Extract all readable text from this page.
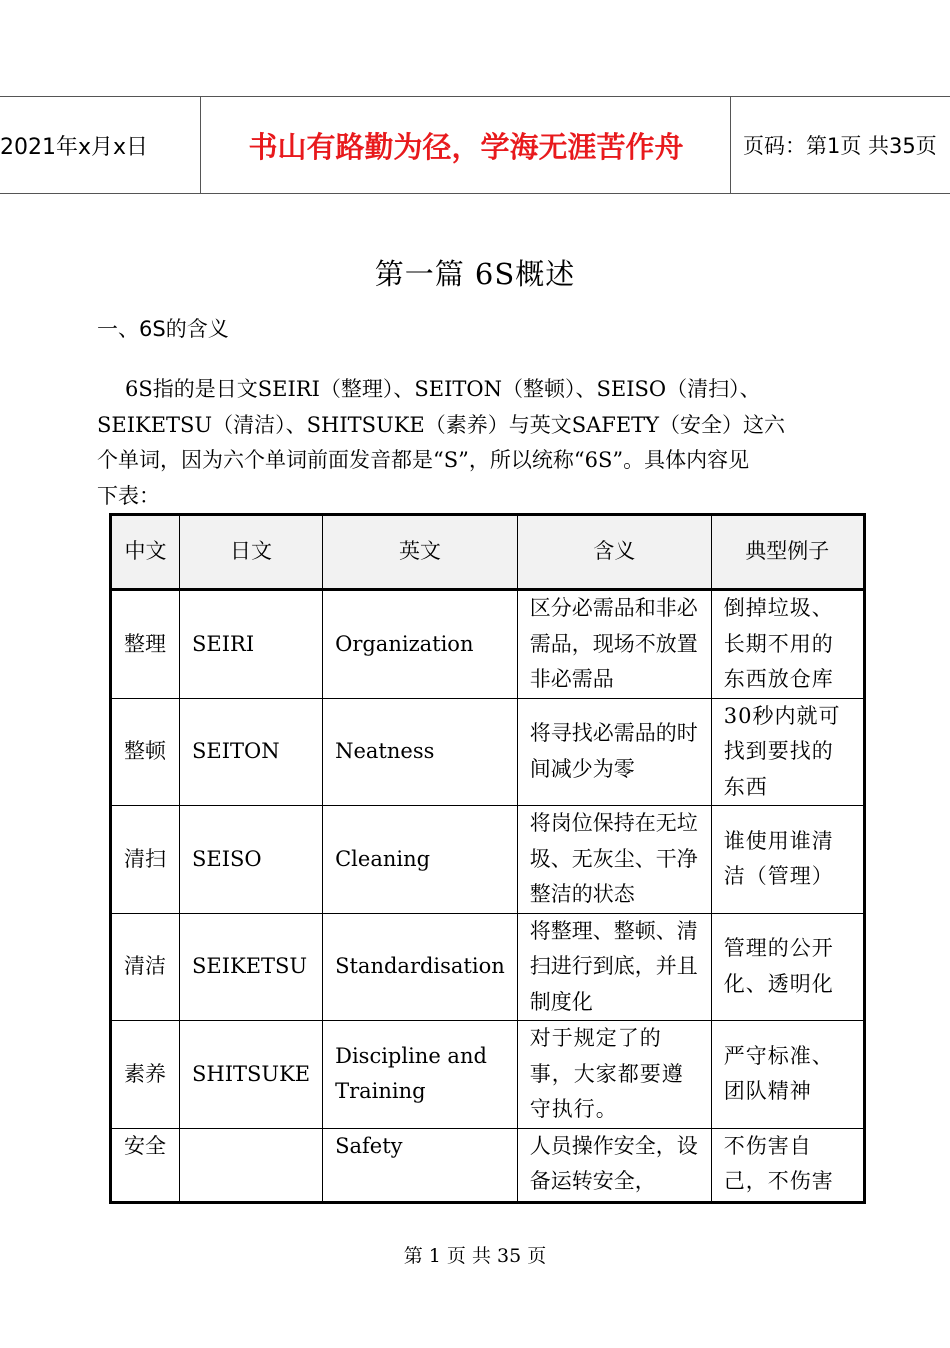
2021年x月x日	书山有路勤为径，学海无涯苦作舟	页码：第1页 共35页
第一篇 6S概述
一、6S的含义
6S指的是日文SEIRI（整理）、SEITON（整顿）、SEISO（清扫）、
SEIKETSU（清洁）、SHITSUKE（素养）与英文SAFETY（安全）这六
个单词，因为六个单词前面发音都是“S”，所以统称“6S”。具体内容见
下表：
中文	日文	英文	含义	典型例子
整理	SEIRI	Organization	区分必需品和非必需品，现场不放置非必需品	倒掉垃圾、长期不用的东西放仓库
整顿	SEITON	Neatness	将寻找必需品的时间减少为零	30秒内就可找到要找的东西
清扫	SEISO	Cleaning	将岗位保持在无垃圾、无灰尘、干净整洁的状态	谁使用谁清洁（管理）
清洁	SEIKETSU	Standardisation	将整理、整顿、清扫进行到底，并且制度化	管理的公开化、透明化
素养	SHITSUKE	Discipline and Training	对于规定了的事，大家都要遵守执行。	严守标准、团队精神
安全		Safety	人员操作安全，设备运转安全，	不伤害自己，不伤害
第 1 页 共 35 页
